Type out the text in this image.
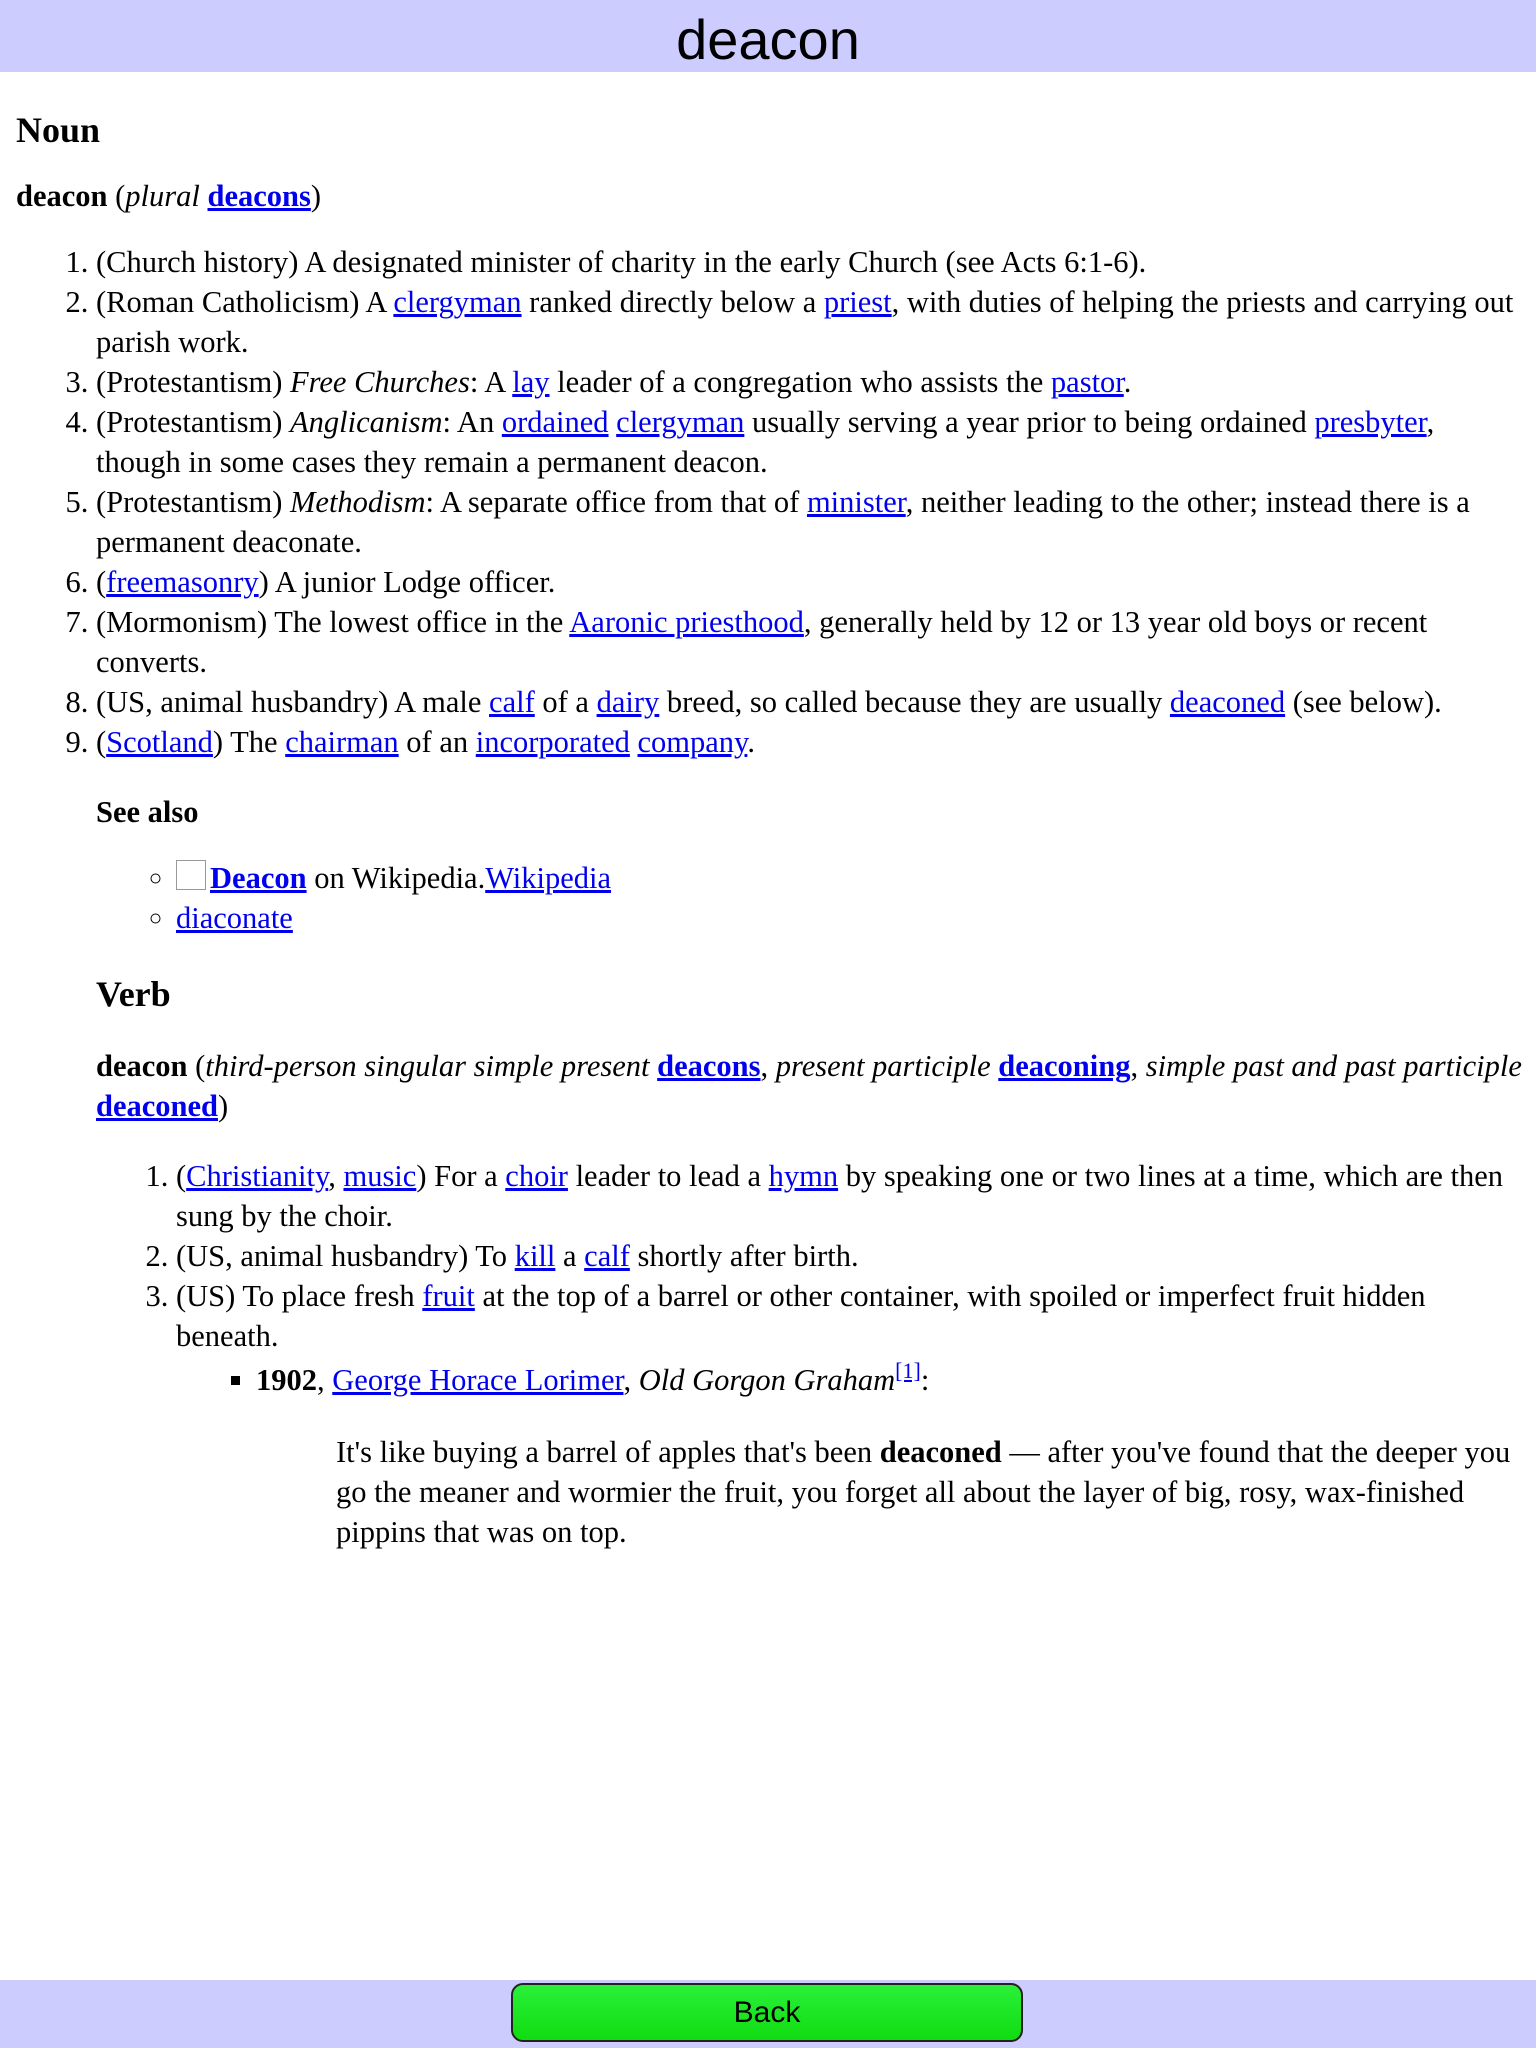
deacon
Noun

deacon (plural deacons)

1. (Church history) A designated minister of charity in the early Church (see Acts 6:1-6).
2. (Roman Catholicism) A clergyman ranked directly below a priest, with duties of helping the priests and carrying out parish work.
3. (Protestantism) Free Churches: A lay leader of a congregation who assists the pastor.
4. (Protestantism) Anglicanism: An ordained clergyman usually serving a year prior to being ordained presbyter, though in some cases they remain a permanent deacon.
5. (Protestantism) Methodism: A separate office from that of minister, neither leading to the other; instead there is a permanent deaconate.
6. (freemasonry) A junior Lodge officer.
7. (Mormonism) The lowest office in the Aaronic priesthood, generally held by 12 or 13 year old boys or recent converts.
8. (US, animal husbandry) A male calf of a dairy breed, so called because they are usually deaconed (see below).
9. (Scotland) The chairman of an incorporated company.

See also

◦ Deacon on Wikipedia.Wikipedia
◦ diaconate
Verb

deacon (third-person singular simple present deacons, present participle deaconing, simple past and past participle deaconed)

1. (Christianity, music) For a choir leader to lead a hymn by speaking one or two lines at a time, which are then sung by the choir.
2. (US, animal husbandry) To kill a calf shortly after birth.
3. (US) To place fresh fruit at the top of a barrel or other container, with spoiled or imperfect fruit hidden beneath.
▪ 1902, George Horace Lorimer, Old Gorgon Graham[1]:

It's like buying a barrel of apples that's been deaconed — after you've found that the deeper you go the meaner and wormier the fruit, you forget all about the layer of big, rosy, wax-finished pippins that was on top.

Back
